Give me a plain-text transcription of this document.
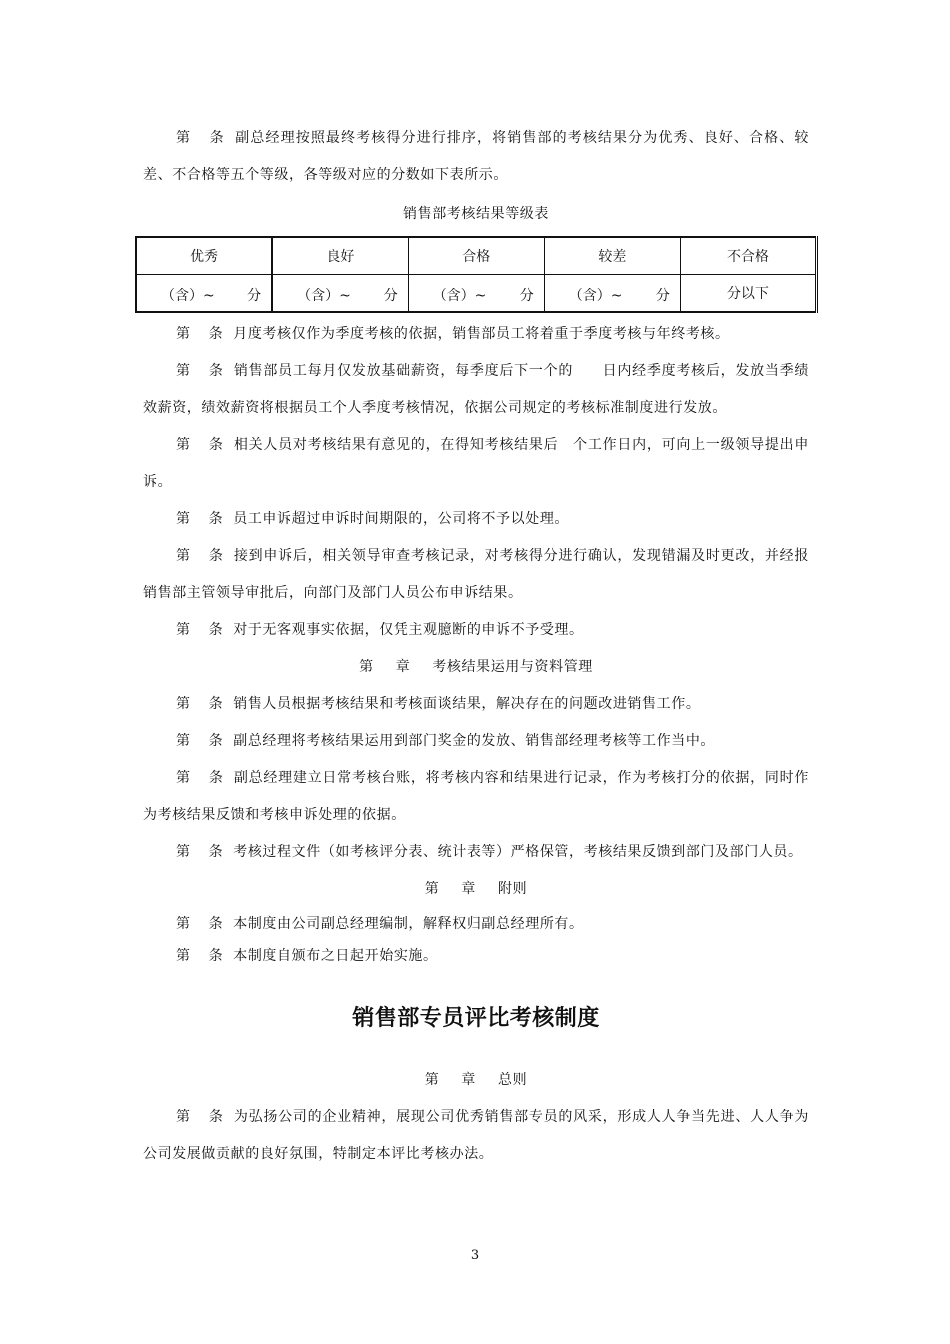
第 条 副总经理按照最终考核得分进行排序，将销售部的考核结果分为优秀、良好、合格、较差、不合格等五个等级，各等级对应的分数如下表所示。

销售部考核结果等级表

优秀	良好	合格	较差	不合格

（含）~ 分	（含）~ 分	（含）~ 分	（含）~ 分	分以下

第 条 月度考核仅作为季度考核的依据，销售部员工将着重于季度考核与年终考核。

第 条 销售部员工每月仅发放基础薪资，每季度后下一个的　　日内经季度考核后，发放当季绩效薪资，绩效薪资将根据员工个人季度考核情况，依据公司规定的考核标准制度进行发放。

第 条 相关人员对考核结果有意见的，在得知考核结果后　个工作日内，可向上一级领导提出申诉。

第 条 员工申诉超过申诉时间期限的，公司将不予以处理。

第 条 接到申诉后，相关领导审查考核记录，对考核得分进行确认，发现错漏及时更改，并经报销售部主管领导审批后，向部门及部门人员公布申诉结果。

第 条 对于无客观事实依据，仅凭主观臆断的申诉不予受理。

第 章 考核结果运用与资料管理

第 条 销售人员根据考核结果和考核面谈结果，解决存在的问题改进销售工作。

第 条 副总经理将考核结果运用到部门奖金的发放、销售部经理考核等工作当中。

第 条 副总经理建立日常考核台账，将考核内容和结果进行记录，作为考核打分的依据，同时作为考核结果反馈和考核申诉处理的依据。

第 条 考核过程文件（如考核评分表、统计表等）严格保管，考核结果反馈到部门及部门人员。

第 章 附则

第 条 本制度由公司副总经理编制，解释权归副总经理所有。

第 条 本制度自颁布之日起开始实施。

销售部专员评比考核制度

第 章 总则

第 条 为弘扬公司的企业精神，展现公司优秀销售部专员的风采，形成人人争当先进、人人争为公司发展做贡献的良好氛围，特制定本评比考核办法。

3
